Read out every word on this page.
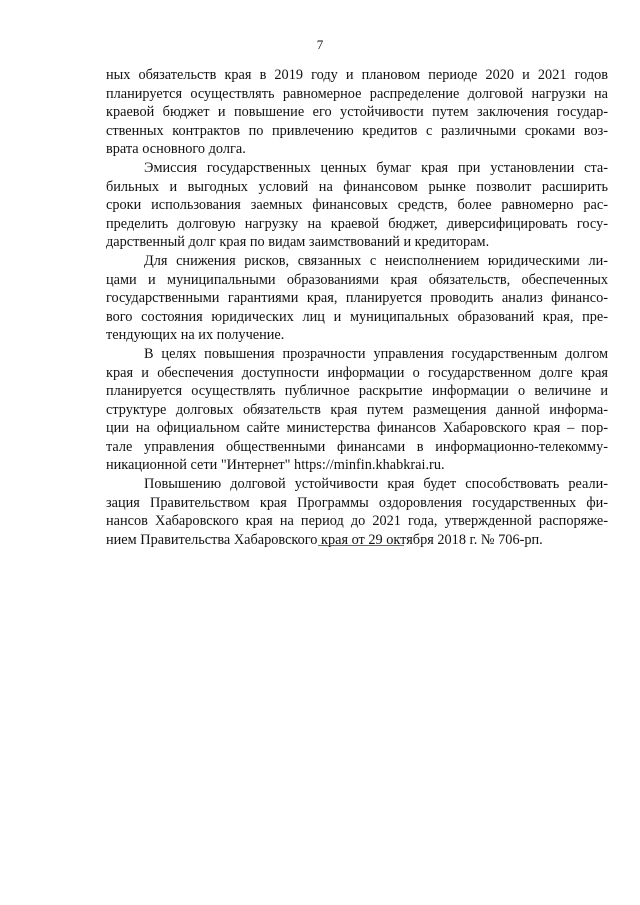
7
ных обязательств края в 2019 году и плановом периоде 2020 и 2021 годов
планируется осуществлять равномерное распределение долговой нагрузки на
краевой бюджет и повышение его устойчивости путем заключения государ-
ственных контрактов по привлечению кредитов с различными сроками воз-
врата основного долга.
Эмиссия государственных ценных бумаг края при установлении ста-
бильных и выгодных условий на финансовом рынке позволит расширить
сроки использования заемных финансовых средств, более равномерно рас-
пределить долговую нагрузку на краевой бюджет, диверсифицировать госу-
дарственный долг края по видам заимствований и кредиторам.
Для снижения рисков, связанных с неисполнением юридическими ли-
цами и муниципальными образованиями края обязательств, обеспеченных
государственными гарантиями края, планируется проводить анализ финансо-
вого состояния юридических лиц и муниципальных образований края, пре-
тендующих на их получение.
В целях повышения прозрачности управления государственным долгом
края и обеспечения доступности информации о государственном долге края
планируется осуществлять публичное раскрытие информации о величине и
структуре долговых обязательств края путем размещения данной информа-
ции на официальном сайте министерства финансов Хабаровского края – пор-
тале управления общественными финансами в информационно-телекомму-
никационной сети "Интернет" https://minfin.khabkrai.ru.
Повышению долговой устойчивости края будет способствовать реали-
зация Правительством края Программы оздоровления государственных фи-
нансов Хабаровского края на период до 2021 года, утвержденной распоряже-
нием Правительства Хабаровского края от 29 октября 2018 г. № 706-рп.
